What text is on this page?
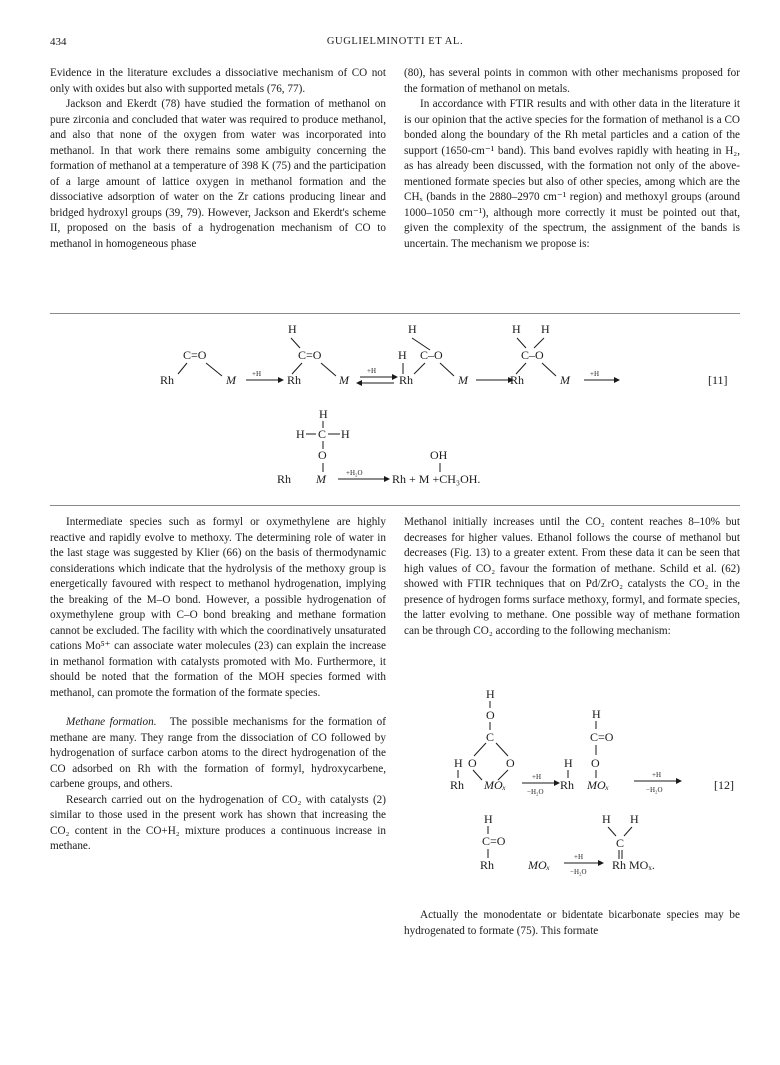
434	GUGLIELMINOTTI ET AL.

Evidence in the literature excludes a dissociative mechanism of CO not only with oxides but also with supported metals (76, 77).

Jackson and Ekerdt (78) have studied the formation of methanol on pure zirconia and concluded that water was required to produce methanol, and also that none of the oxygen from water was incorporated into methanol. In that work there remains some ambiguity concerning the formation of methanol at a temperature of 398 K (75) and the participation of a large amount of lattice oxygen in methanol formation and the dissociative adsorption of water on the Zr cations producing linear and bridged hydroxyl groups (39, 79). However, Jackson and Ekerdt's scheme II, proposed on the basis of a hydrogenation mechanism of CO to methanol in homogeneous phase

(80), has several points in common with other mechanisms proposed for the formation of methanol on metals.

In accordance with FTIR results and with other data in the literature it is our opinion that the active species for the formation of methanol is a CO bonded along the boundary of the Rh metal particles and a cation of the support (1650-cm⁻¹ band). This band evolves rapidly with heating in H₂, as has already been discussed, with the formation not only of the above-mentioned formate species but also of other species, among which are the CHₓ (bands in the 2880–2970 cm⁻¹ region) and methoxyl groups (around 1000–1050 cm⁻¹), although more correctly it must be pointed out that, given the complexity of the spectrum, the assignment of the bands is uncertain. The mechanism we propose is:

C=O
Rh	M +H
H
C=O
Rh	M
+H
H
H C–O
Rh	M
H H
C–O
Rh	M	+H	[11]
H
H C H
O
Rh M	+H₂O
OH
Rh + M +CH₃OH.

Intermediate species such as formyl or oxymethylene are highly reactive and rapidly evolve to methoxy. The determining role of water in the last stage was suggested by Klier (66) on the basis of thermodynamic considerations which indicate that the hydrolysis of the methoxy group is energetically favoured with respect to methanol hydrogenation, implying the breaking of the M–O bond. However, a possible hydrogenation of oxymethylene group with C–O bond breaking and methane formation cannot be excluded. The facility with which the coordinatively unsaturated cations Mo⁵⁺ can associate water molecules (23) can explain the increase in methanol formation with catalysts promoted with Mo. Furthermore, it should be noted that the formation of the MOH species formed with methanol, can promote the formation of the formate species.

Methane formation. The possible mechanisms for the formation of methane are many. They range from the dissociation of CO followed by hydrogenation of surface carbon atoms to the direct hydrogenation of the CO adsorbed on Rh with the formation of formyl, hydroxycarbene, carbene groups, and others.

Research carried out on the hydrogenation of CO₂ with catalysts (2) similar to those used in the present work has shown that increasing the CO₂ content in the CO+H₂ mixture produces a continuous increase in methane.

Methanol initially increases until the CO₂ content reaches 8–10% but decreases for higher values. Ethanol follows the course of methanol but decreases (Fig. 13) to a greater extent. From these data it can be seen that high values of CO₂ favour the formation of methane. Schild et al. (62) showed with FTIR techniques that on Pd/ZrO₂ catalysts the CO₂ in the presence of hydrogen forms surface methoxy, formyl, and formate species, the latter evolving to methane. One possible way of methane formation can be through CO₂ according to the following mechanism:

H
O
C
H O O
Rh MOₓ
+H
−H₂O
H
C=O
H O
Rh MOₓ
+H
−H₂O	[12]
H
C=O
Rh	MOₓ
+H
−H₂O
H H
C
Rh MOₓ.

Actually the monodentate or bidentate bicarbonate species may be hydrogenated to formate (75). This formate
